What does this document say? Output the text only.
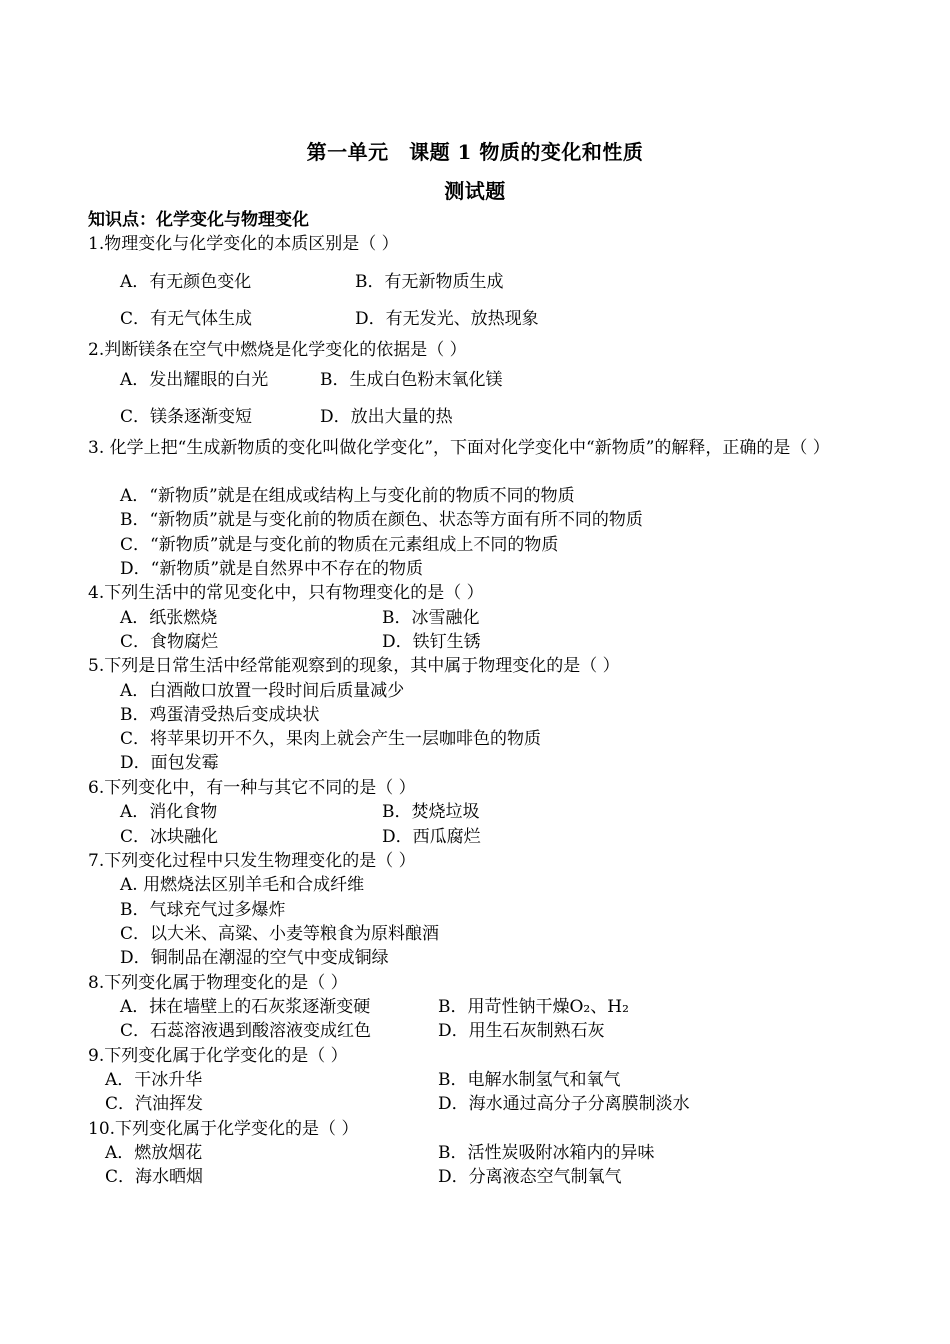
第一单元　课题 1 物质的变化和性质
测试题
知识点：化学变化与物理变化
1.物理变化与化学变化的本质区别是（ ）
A．有无颜色变化	B．有无新物质生成
C．有无气体生成	D．有无发光、放热现象
2.判断镁条在空气中燃烧是化学变化的依据是（ ）
A．发出耀眼的白光	B．生成白色粉末氧化镁
C．镁条逐渐变短	D．放出大量的热
3. 化学上把“生成新物质的变化叫做化学变化”，下面对化学变化中“新物质”的解释，正确的是（ ）
A．“新物质”就是在组成或结构上与变化前的物质不同的物质
B．“新物质”就是与变化前的物质在颜色、状态等方面有所不同的物质
C．“新物质”就是与变化前的物质在元素组成上不同的物质
D．“新物质”就是自然界中不存在的物质
4.下列生活中的常见变化中，只有物理变化的是（ ）
A．纸张燃烧	B．冰雪融化
C．食物腐烂	D．铁钉生锈
5.下列是日常生活中经常能观察到的现象，其中属于物理变化的是（ ）
A．白酒敞口放置一段时间后质量减少
B．鸡蛋清受热后变成块状
C．将苹果切开不久，果肉上就会产生一层咖啡色的物质
D．面包发霉
6.下列变化中，有一种与其它不同的是（ ）
A．消化食物	B．焚烧垃圾
C．冰块融化	D．西瓜腐烂
7.下列变化过程中只发生物理变化的是（ ）
A. 用燃烧法区别羊毛和合成纤维
B．气球充气过多爆炸
C．以大米、高粱、小麦等粮食为原料酿酒
D．铜制品在潮湿的空气中变成铜绿
8.下列变化属于物理变化的是（ ）
A．抹在墙壁上的石灰浆逐渐变硬	B．用苛性钠干燥O₂、H₂
C．石蕊溶液遇到酸溶液变成红色	D．用生石灰制熟石灰
9.下列变化属于化学变化的是（ ）
A．干冰升华	B．电解水制氢气和氧气
C．汽油挥发	D．海水通过高分子分离膜制淡水
10.下列变化属于化学变化的是（ ）
A．燃放烟花	B．活性炭吸附冰箱内的异味
C．海水晒烟	D．分离液态空气制氧气
